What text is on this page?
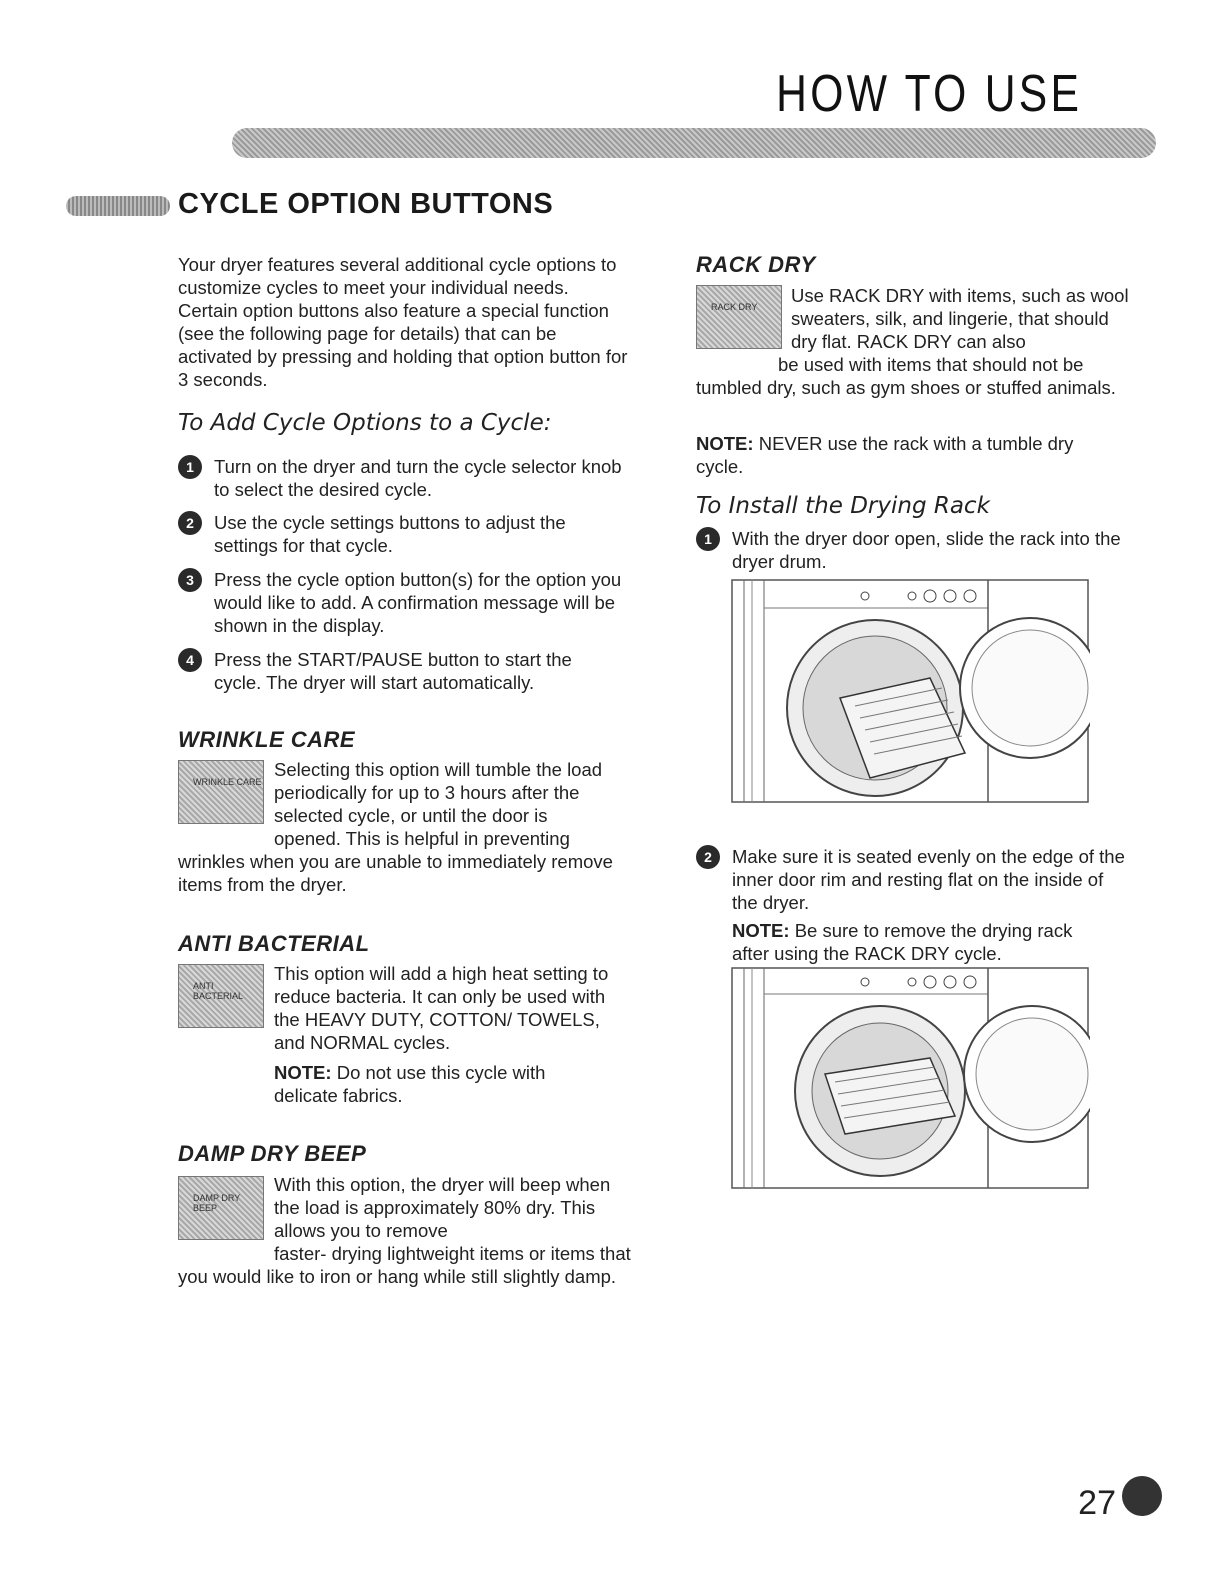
HOW TO USE
CYCLE OPTION BUTTONS
Your dryer features several additional cycle options to customize cycles to meet your individual needs. Certain option buttons also feature a special function (see the following page for details) that can be activated by pressing and holding that option button for 3 seconds.
To Add Cycle Options to a Cycle:
1	Turn on the dryer and turn the cycle selector knob to select the desired cycle.
2	Use the cycle settings buttons to adjust the settings for that cycle.
3	Press the cycle option button(s) for the option you would like to add. A confirmation message will be shown in the display.
4	Press the START/PAUSE button to start the cycle. The dryer will start automatically.
WRINKLE CARE
WRINKLE CARE
Selecting this option will tumble the load periodically for up to 3 hours after the selected cycle, or until the door is
opened. This is helpful in preventing wrinkles when you are unable to immediately remove items from the dryer.
ANTI BACTERIAL
ANTI BACTERIAL
This option will add a high heat setting to reduce bacteria. It can only be used with the HEAVY DUTY, COTTON/ TOWELS, and NORMAL cycles.
NOTE: Do not use this cycle with delicate fabrics.
DAMP DRY BEEP
DAMP DRY BEEP
With this option, the dryer will beep when the load is approximately 80% dry. This allows you to remove
faster- drying lightweight items or items that you would like to iron or hang while still slightly damp.
RACK DRY
RACK DRY
Use RACK DRY with items, such as wool sweaters, silk, and lingerie, that should dry flat. RACK DRY can also
be used with items that should not be tumbled dry, such as gym shoes or stuffed animals.
NOTE: NEVER use the rack with a tumble dry cycle.
To Install the Drying Rack
1	With the dryer door open, slide the rack into the dryer drum.
2	Make sure it is seated evenly on the edge of the inner door rim and resting flat on the inside of the dryer.
NOTE: Be sure to remove the drying rack after using the RACK DRY cycle.
27
